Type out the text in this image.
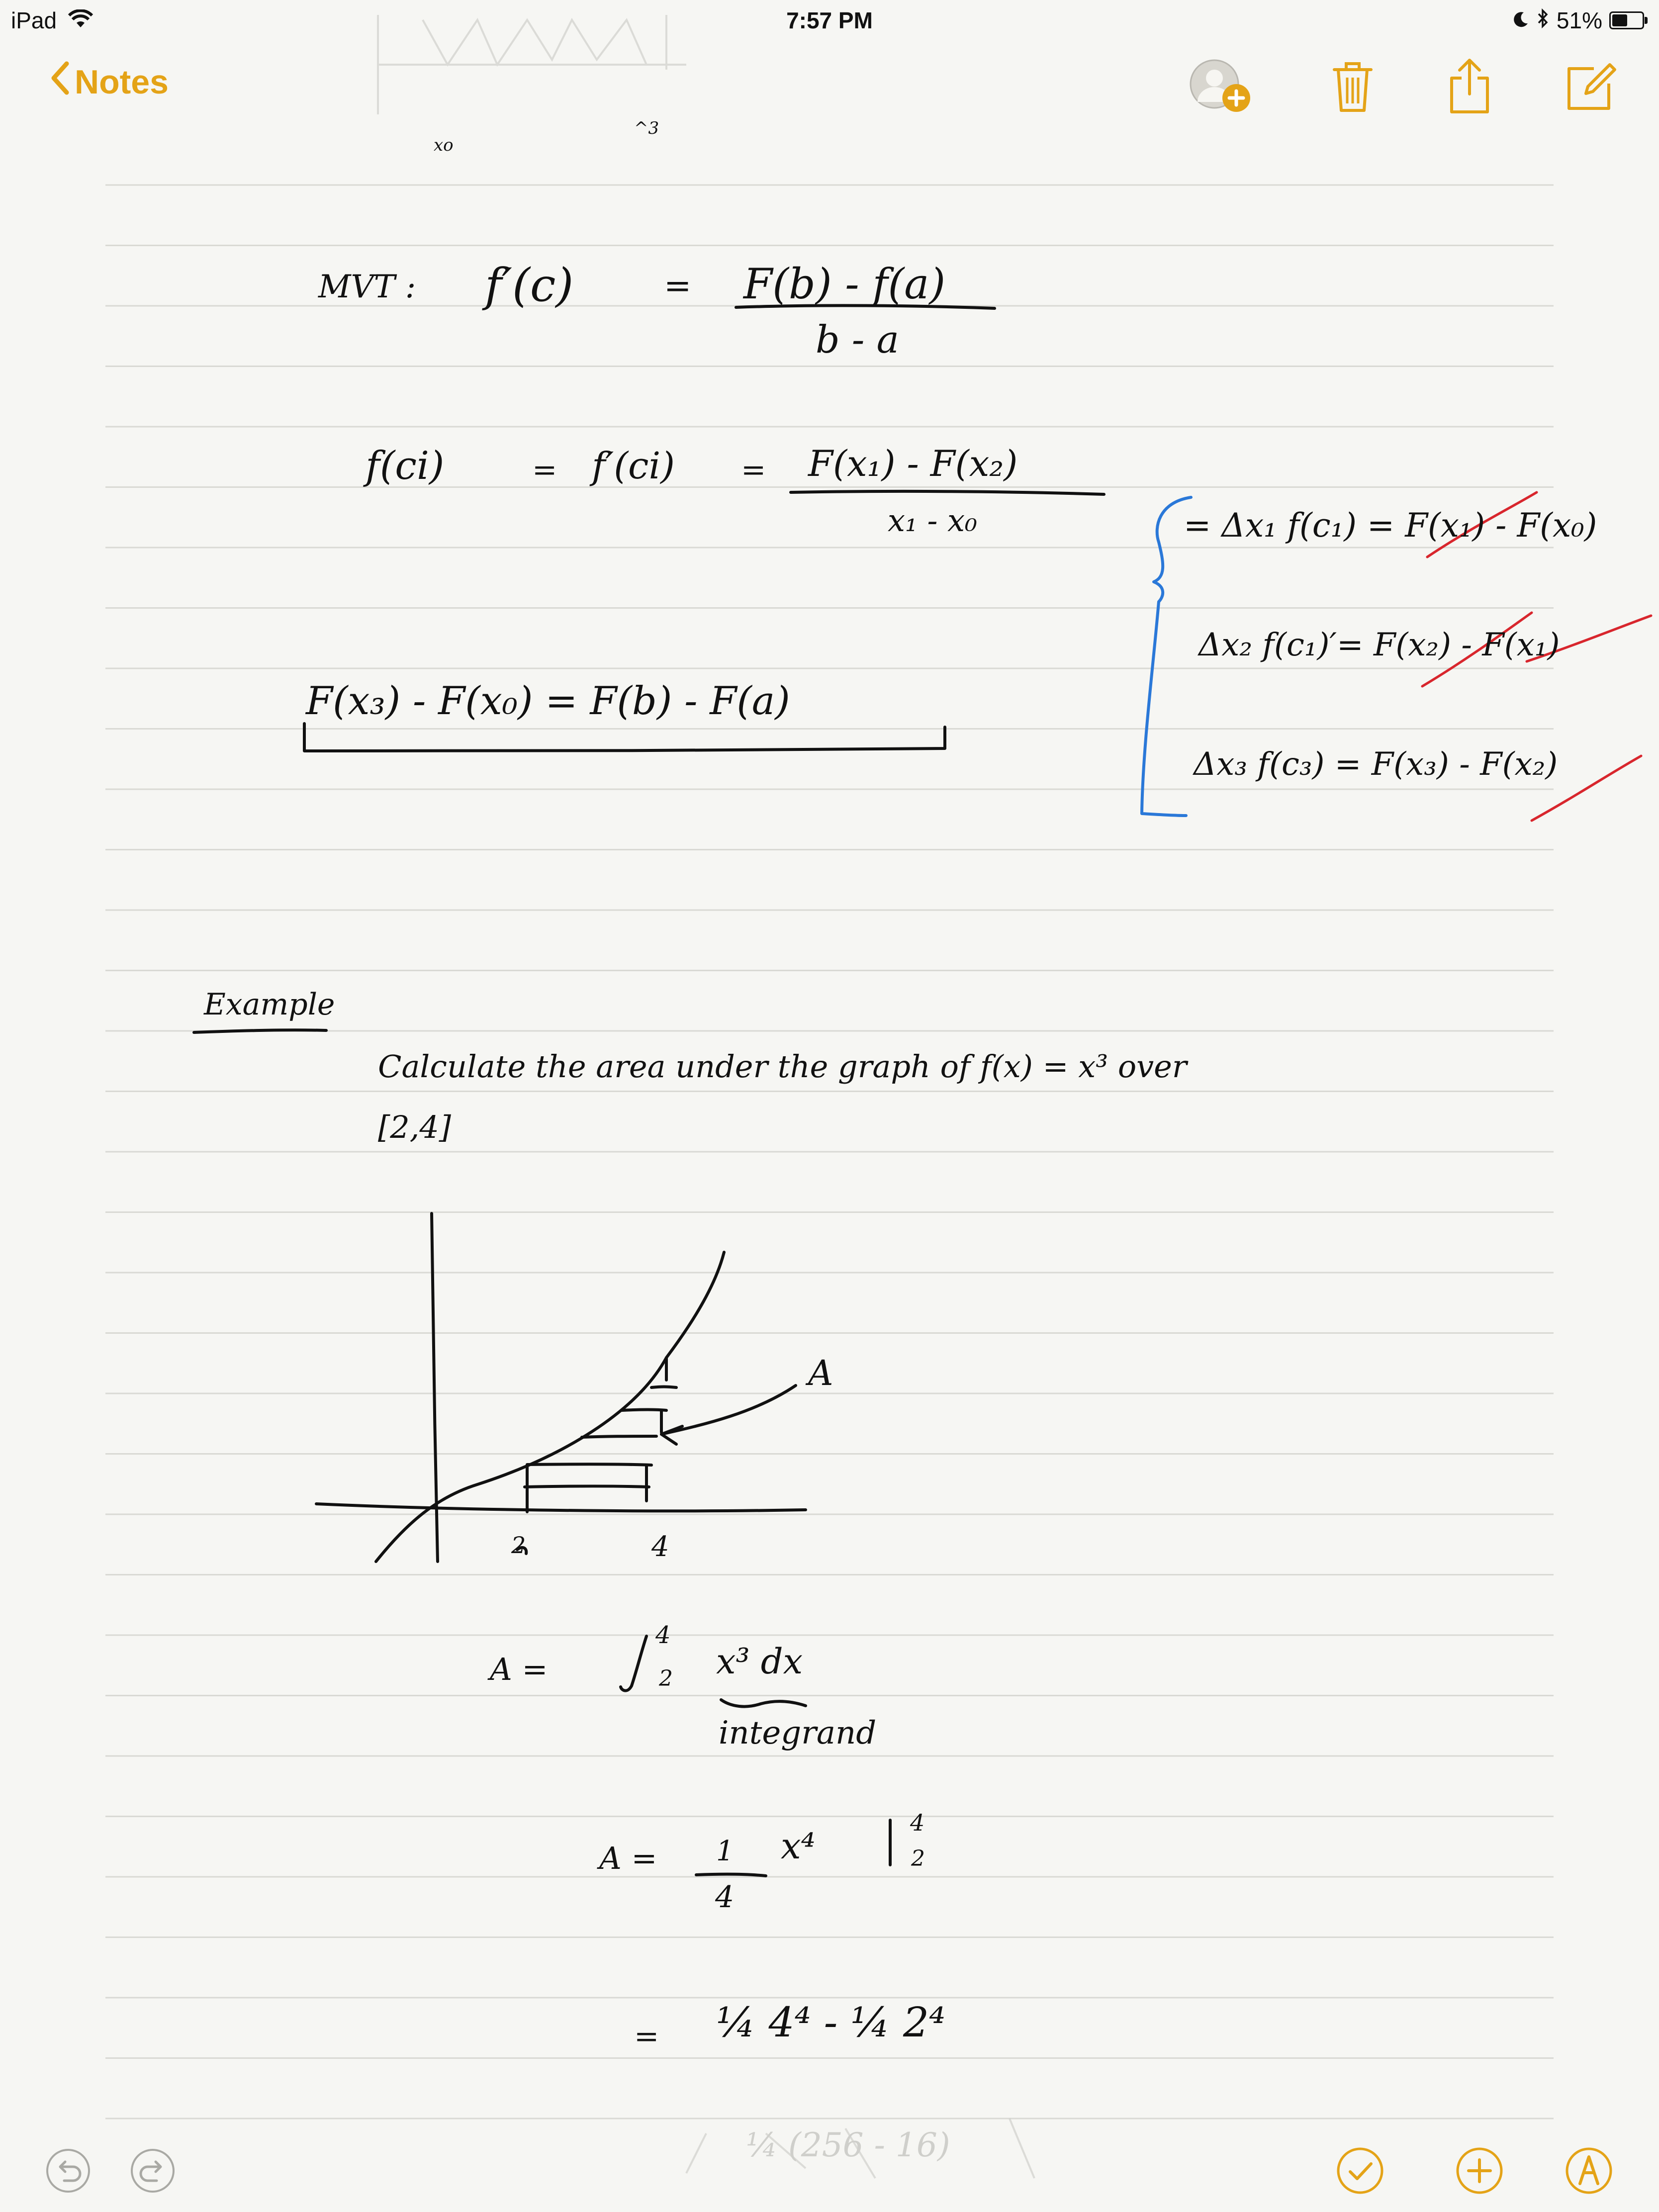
iPad	7:57 PM	51%
Notes
xo
^3
MVT : f′(c)	= F(b) - f(a)
b - a
f(ci)	= f′(ci) = F(x₁) - F(x₂)
x₁ - x₀	= Δx₁ f(c₁) = F(x₁) - F(x₀)
Δx₂ f(c₁)′= F(x₂) - F(x₁)
Δx₃ f(c₃) = F(x₃) - F(x₂)
F(x₃) - F(x₀) = F(b) - F(a)
Example
Calculate the area under the graph of f(x) = x³ over
[2,4]
2	4
A
A =
4
2 x³ dx
integrand
A = 1
4
x⁴
4
2
= ¼ 4⁴ - ¼ 2⁴
¼ (256 - 16)
